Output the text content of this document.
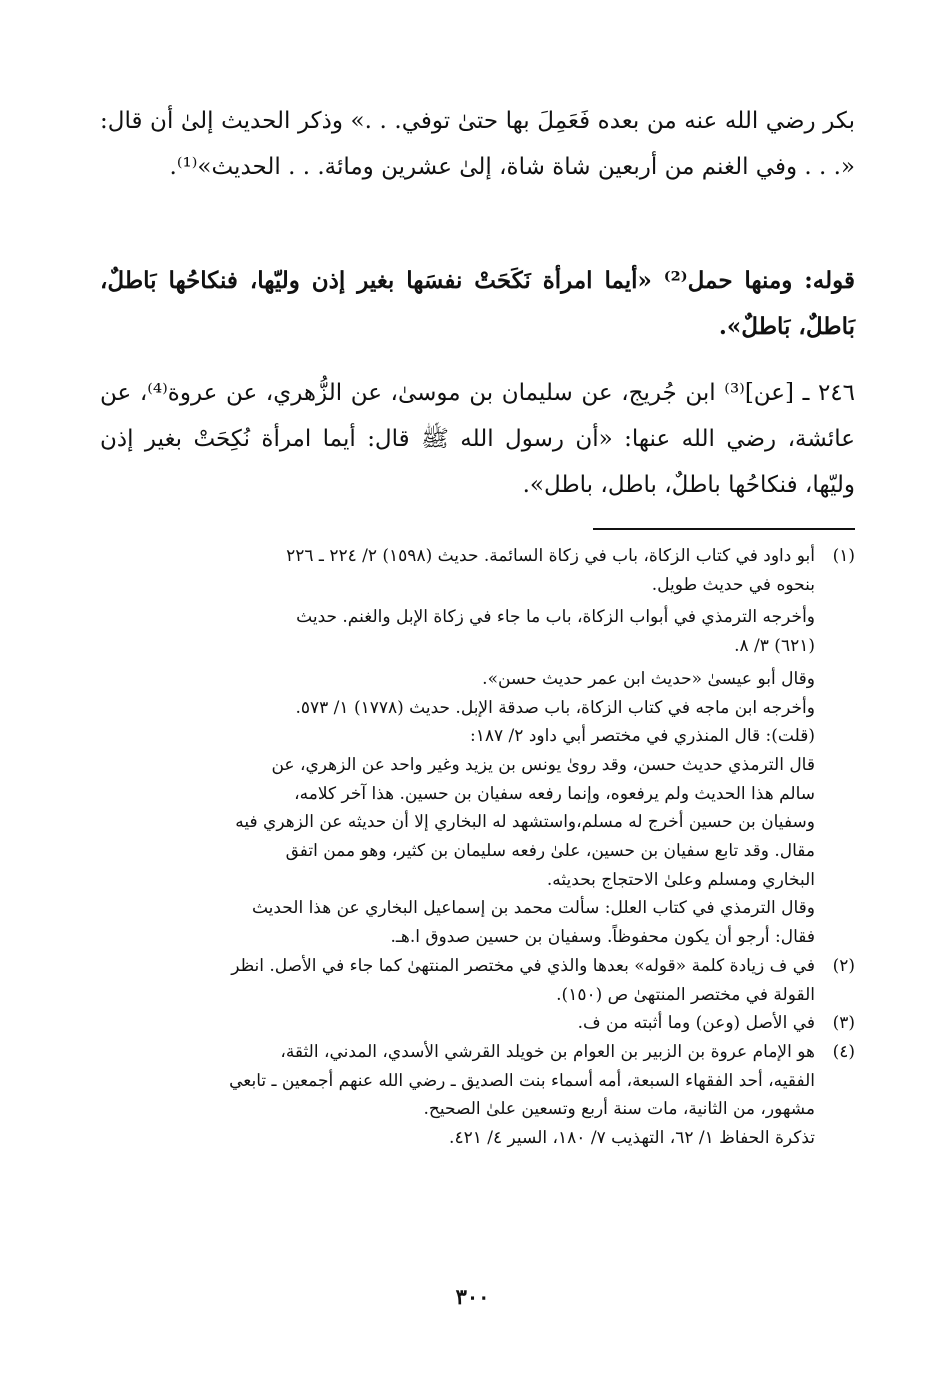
بكر رضي الله عنه من بعده فَعَمِلَ بها حتىٰ توفي. . .» وذكر الحديث إلىٰ أن قال: «. . . وفي الغنم من أربعين شاة شاة، إلىٰ عشرين ومائة. . . الحديث»⁽¹⁾.
قوله: ومنها حمل⁽²⁾ «أيما امرأة نَكَحَتْ نفسَها بغير إذن وليّها، فنكاحُها بَاطلٌ، بَاطلٌ، بَاطلٌ».
٢٤٦ ـ [عن]⁽³⁾ ابن جُريج، عن سليمان بن موسىٰ، عن الزُّهري، عن عروة⁽⁴⁾، عن عائشة، رضي الله عنها: «أن رسول الله ﷺ قال: أيما امرأة نُكِحَتْ بغير إذن وليّها، فنكاحُها باطلٌ، باطل، باطل».
(١)
أبو داود في كتاب الزكاة، باب في زكاة السائمة. حديث (١٥٩٨) ٢/ ٢٢٤ ـ ٢٢٦
بنحوه في حديث طويل.
وأخرجه الترمذي في أبواب الزكاة، باب ما جاء في زكاة الإبل والغنم. حديث
(٦٢١) ٣/ ٨.
وقال أبو عيسىٰ «حديث ابن عمر حديث حسن».
وأخرجه ابن ماجه في كتاب الزكاة، باب صدقة الإبل. حديث (١٧٧٨) ١/ ٥٧٣.
(قلت): قال المنذري في مختصر أبي داود ٢/ ١٨٧:
قال الترمذي حديث حسن، وقد روىٰ يونس بن يزيد وغير واحد عن الزهري، عن
سالم هذا الحديث ولم يرفعوه، وإنما رفعه سفيان بن حسين. هذا آخر كلامه،
وسفيان بن حسين أخرج له مسلم،واستشهد له البخاري إلا أن حديثه عن الزهري فيه
مقال. وقد تابع سفيان بن حسين، علىٰ رفعه سليمان بن كثير، وهو ممن اتفق
البخاري ومسلم وعلىٰ الاحتجاج بحديثه.
وقال الترمذي في كتاب العلل: سألت محمد بن إسماعيل البخاري عن هذا الحديث
فقال: أرجو أن يكون محفوظاً. وسفيان بن حسين صدوق ا.هـ.
(٢)
في ف زيادة كلمة «قوله» بعدها والذي في مختصر المنتهىٰ كما جاء في الأصل. انظر
القولة في مختصر المنتهىٰ ص (١٥٠).
(٣)
في الأصل (وعن) وما أثبته من ف.
(٤)
هو الإمام عروة بن الزبير بن العوام بن خويلد القرشي الأسدي، المدني، الثقة،
الفقيه، أحد الفقهاء السبعة، أمه أسماء بنت الصديق ـ رضي الله عنهم أجمعين ـ تابعي
مشهور، من الثانية، مات سنة أربع وتسعين علىٰ الصحيح.
تذكرة الحفاظ ١/ ٦٢، التهذيب ٧/ ١٨٠، السير ٤/ ٤٢١.
٣٠٠
